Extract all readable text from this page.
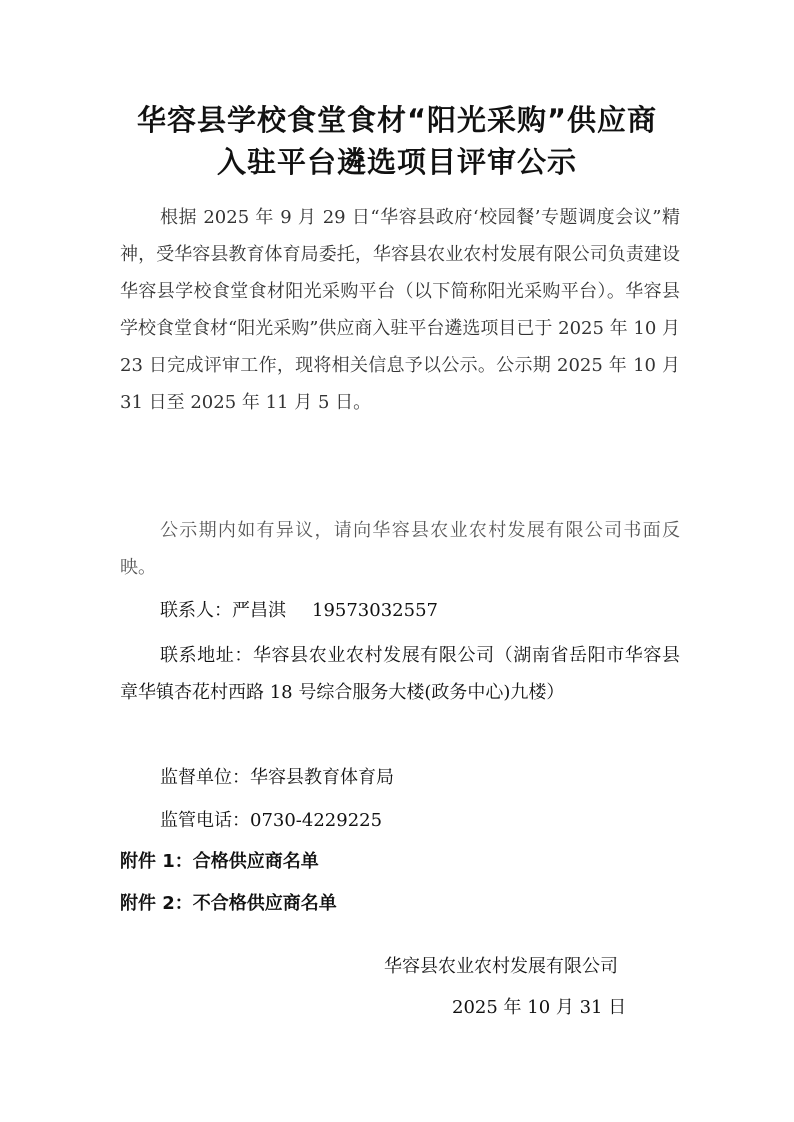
华容县学校食堂食材“阳光采购”供应商
入驻平台遴选项目评审公示

根据 2025 年 9 月 29 日“华容县政府‘校园餐’专题调度会议”精神，受华容县教育体育局委托，华容县农业农村发展有限公司负责建设华容县学校食堂食材阳光采购平台（以下简称阳光采购平台）。华容县学校食堂食材“阳光采购”供应商入驻平台遴选项目已于 2025 年 10 月 23 日完成评审工作，现将相关信息予以公示。公示期 2025 年 10 月 31 日至 2025 年 11 月 5 日。

公示期内如有异议，请向华容县农业农村发展有限公司书面反映。

联系人：严昌淇 19573032557

联系地址：华容县农业农村发展有限公司（湖南省岳阳市华容县章华镇杏花村西路 18 号综合服务大楼(政务中心)九楼）

监督单位：华容县教育体育局

监管电话：0730-4229225

附件 1：合格供应商名单

附件 2：不合格供应商名单

华容县农业农村发展有限公司

2025 年 10 月 31 日
